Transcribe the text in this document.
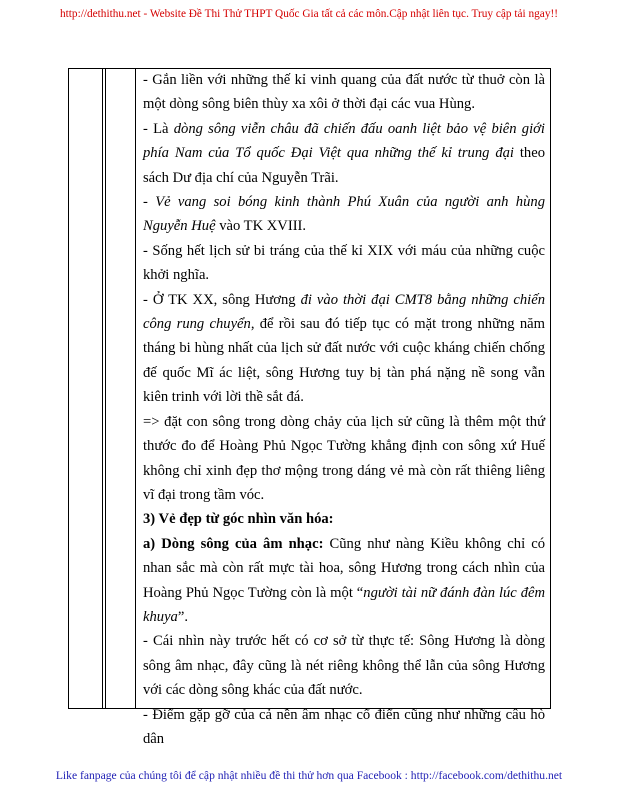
http://dethithu.net - Website Đề Thi Thử THPT Quốc Gia tất cả các môn.Cập nhật liên tục. Truy cập tải ngay!!

- Gắn liền với những thế kỉ vinh quang của đất nước từ thuở còn là một dòng sông biên thùy xa xôi ở thời đại các vua Hùng.

- Là dòng sông viễn châu đã chiến đấu oanh liệt bảo vệ biên giới phía Nam của Tổ quốc Đại Việt qua những thế kỉ trung đại theo sách Dư địa chí của Nguyễn Trãi.

- Vẻ vang soi bóng kinh thành Phú Xuân của người anh hùng Nguyễn Huệ vào TK XVIII.

- Sống hết lịch sử bi tráng của thế kỉ XIX với máu của những cuộc khởi nghĩa.

- Ở TK XX, sông Hương đi vào thời đại CMT8 bằng những chiến công rung chuyển, để rồi sau đó tiếp tục có mặt trong những năm tháng bi hùng nhất của lịch sử đất nước với cuộc kháng chiến chống đế quốc Mĩ ác liệt, sông Hương tuy bị tàn phá nặng nề song vẫn kiên trinh với lời thề sắt đá.

=> đặt con sông trong dòng chảy của lịch sử cũng là thêm một thứ thước đo để Hoàng Phủ Ngọc Tường khẳng định con sông xứ Huế không chỉ xinh đẹp thơ mộng trong dáng vẻ mà còn rất thiêng liêng vĩ đại trong tầm vóc.

3) Vẻ đẹp từ góc nhìn văn hóa:

a) Dòng sông của âm nhạc: Cũng như nàng Kiều không chỉ có nhan sắc mà còn rất mực tài hoa, sông Hương trong cách nhìn của Hoàng Phủ Ngọc Tường còn là một “người tài nữ đánh đàn lúc đêm khuya”.

- Cái nhìn này trước hết có cơ sở từ thực tế: Sông Hương là dòng sông âm nhạc, đây cũng là nét riêng không thể lẫn của sông Hương với các dòng sông khác của đất nước.

- Điểm gặp gỡ của cả nền âm nhạc cổ điển cũng như những câu hò dân

Like fanpage của chúng tôi để cập nhật nhiều đề thi thử hơn qua Facebook : http://facebook.com/dethithu.net
